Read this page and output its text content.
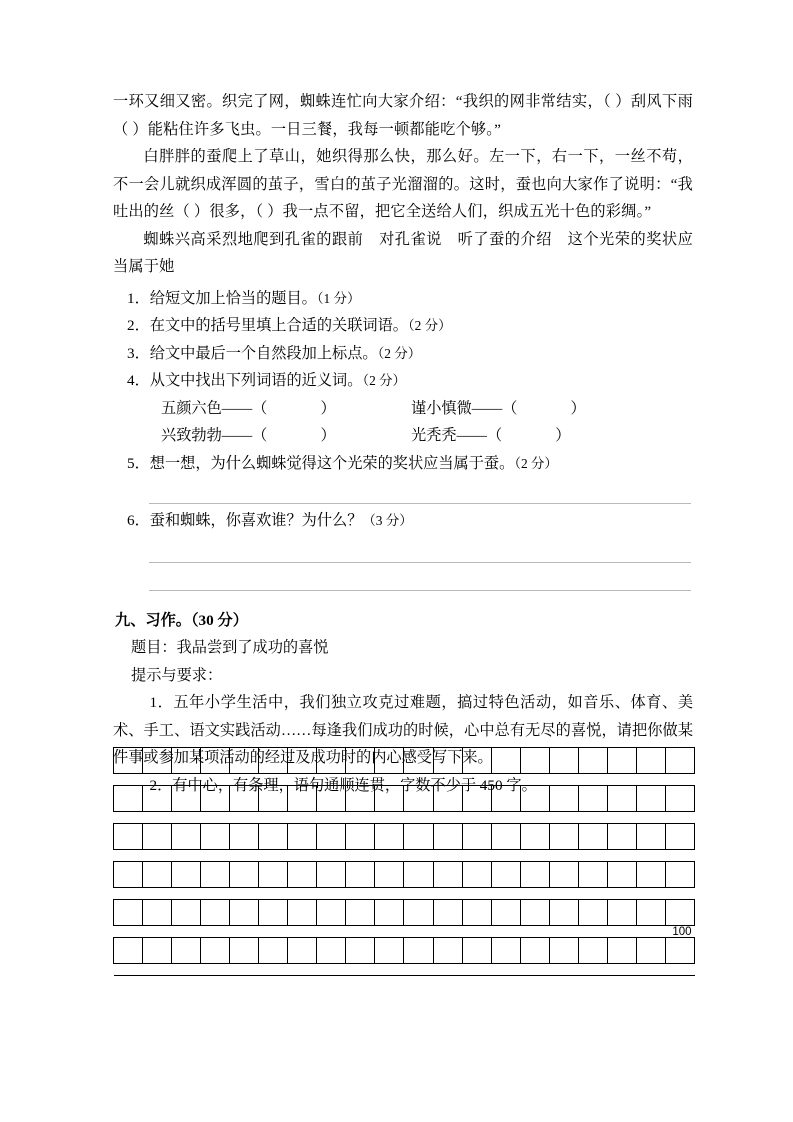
一环又细又密。织完了网，蜘蛛连忙向大家介绍：“我织的网非常结实，（ ）刮风下雨（ ）能粘住许多飞虫。一日三餐，我每一顿都能吃个够。”

白胖胖的蚕爬上了草山，她织得那么快，那么好。左一下，右一下，一丝不苟，不一会儿就织成浑圆的茧子，雪白的茧子光溜溜的。这时，蚕也向大家作了说明：“我吐出的丝（ ）很多，（ ）我一点不留，把它全送给人们，织成五光十色的彩绸。”

蜘蛛兴高采烈地爬到孔雀的跟前　对孔雀说　听了蚕的介绍　这个光荣的奖状应当属于她

1．给短文加上恰当的题目。（1 分）
2．在文中的括号里填上合适的关联词语。（2 分）
3．给文中最后一个自然段加上标点。（2 分）
4．从文中找出下列词语的近义词。（2 分）
五颜六色——（              ）	谨小慎微——（              ）
兴致勃勃——（              ）	光秃秃——（              ）
5．想一想，为什么蜘蛛觉得这个光荣的奖状应当属于蚕。（2 分）
6．蚕和蜘蛛，你喜欢谁？为什么？（3 分）

九、习作。（30 分）

题目：我品尝到了成功的喜悦

提示与要求：

1．五年小学生活中，我们独立攻克过难题，搞过特色活动，如音乐、体育、美术、手工、语文实践活动……每逢我们成功的时候，心中总有无尽的喜悦，请把你做某件事或参加某项活动的经过及成功时的内心感受写下来。

2．有中心，有条理，语句通顺连贯，字数不少于 450 字。

100																			
